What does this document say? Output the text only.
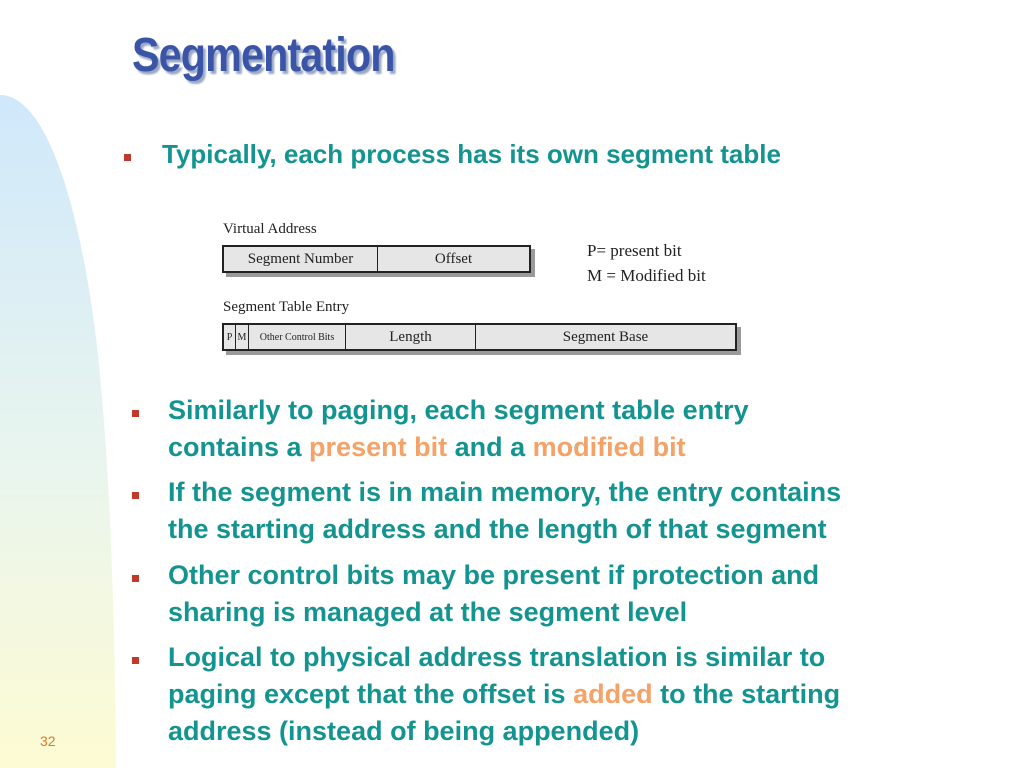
Segmentation
Typically, each process has its own segment table
Virtual Address
Segment Number	Offset	P= present bit
M = Modified bit
Segment Table Entry
P M	Other Control Bits	Length	Segment Base
Similarly to paging, each segment table entry
contains a present bit and a modified bit
If the segment is in main memory, the entry contains
the starting address and the length of that segment
Other control bits may be present if protection and
sharing is managed at the segment level
Logical to physical address translation is similar to
paging except that the offset is added to the starting
address (instead of being appended)
32
